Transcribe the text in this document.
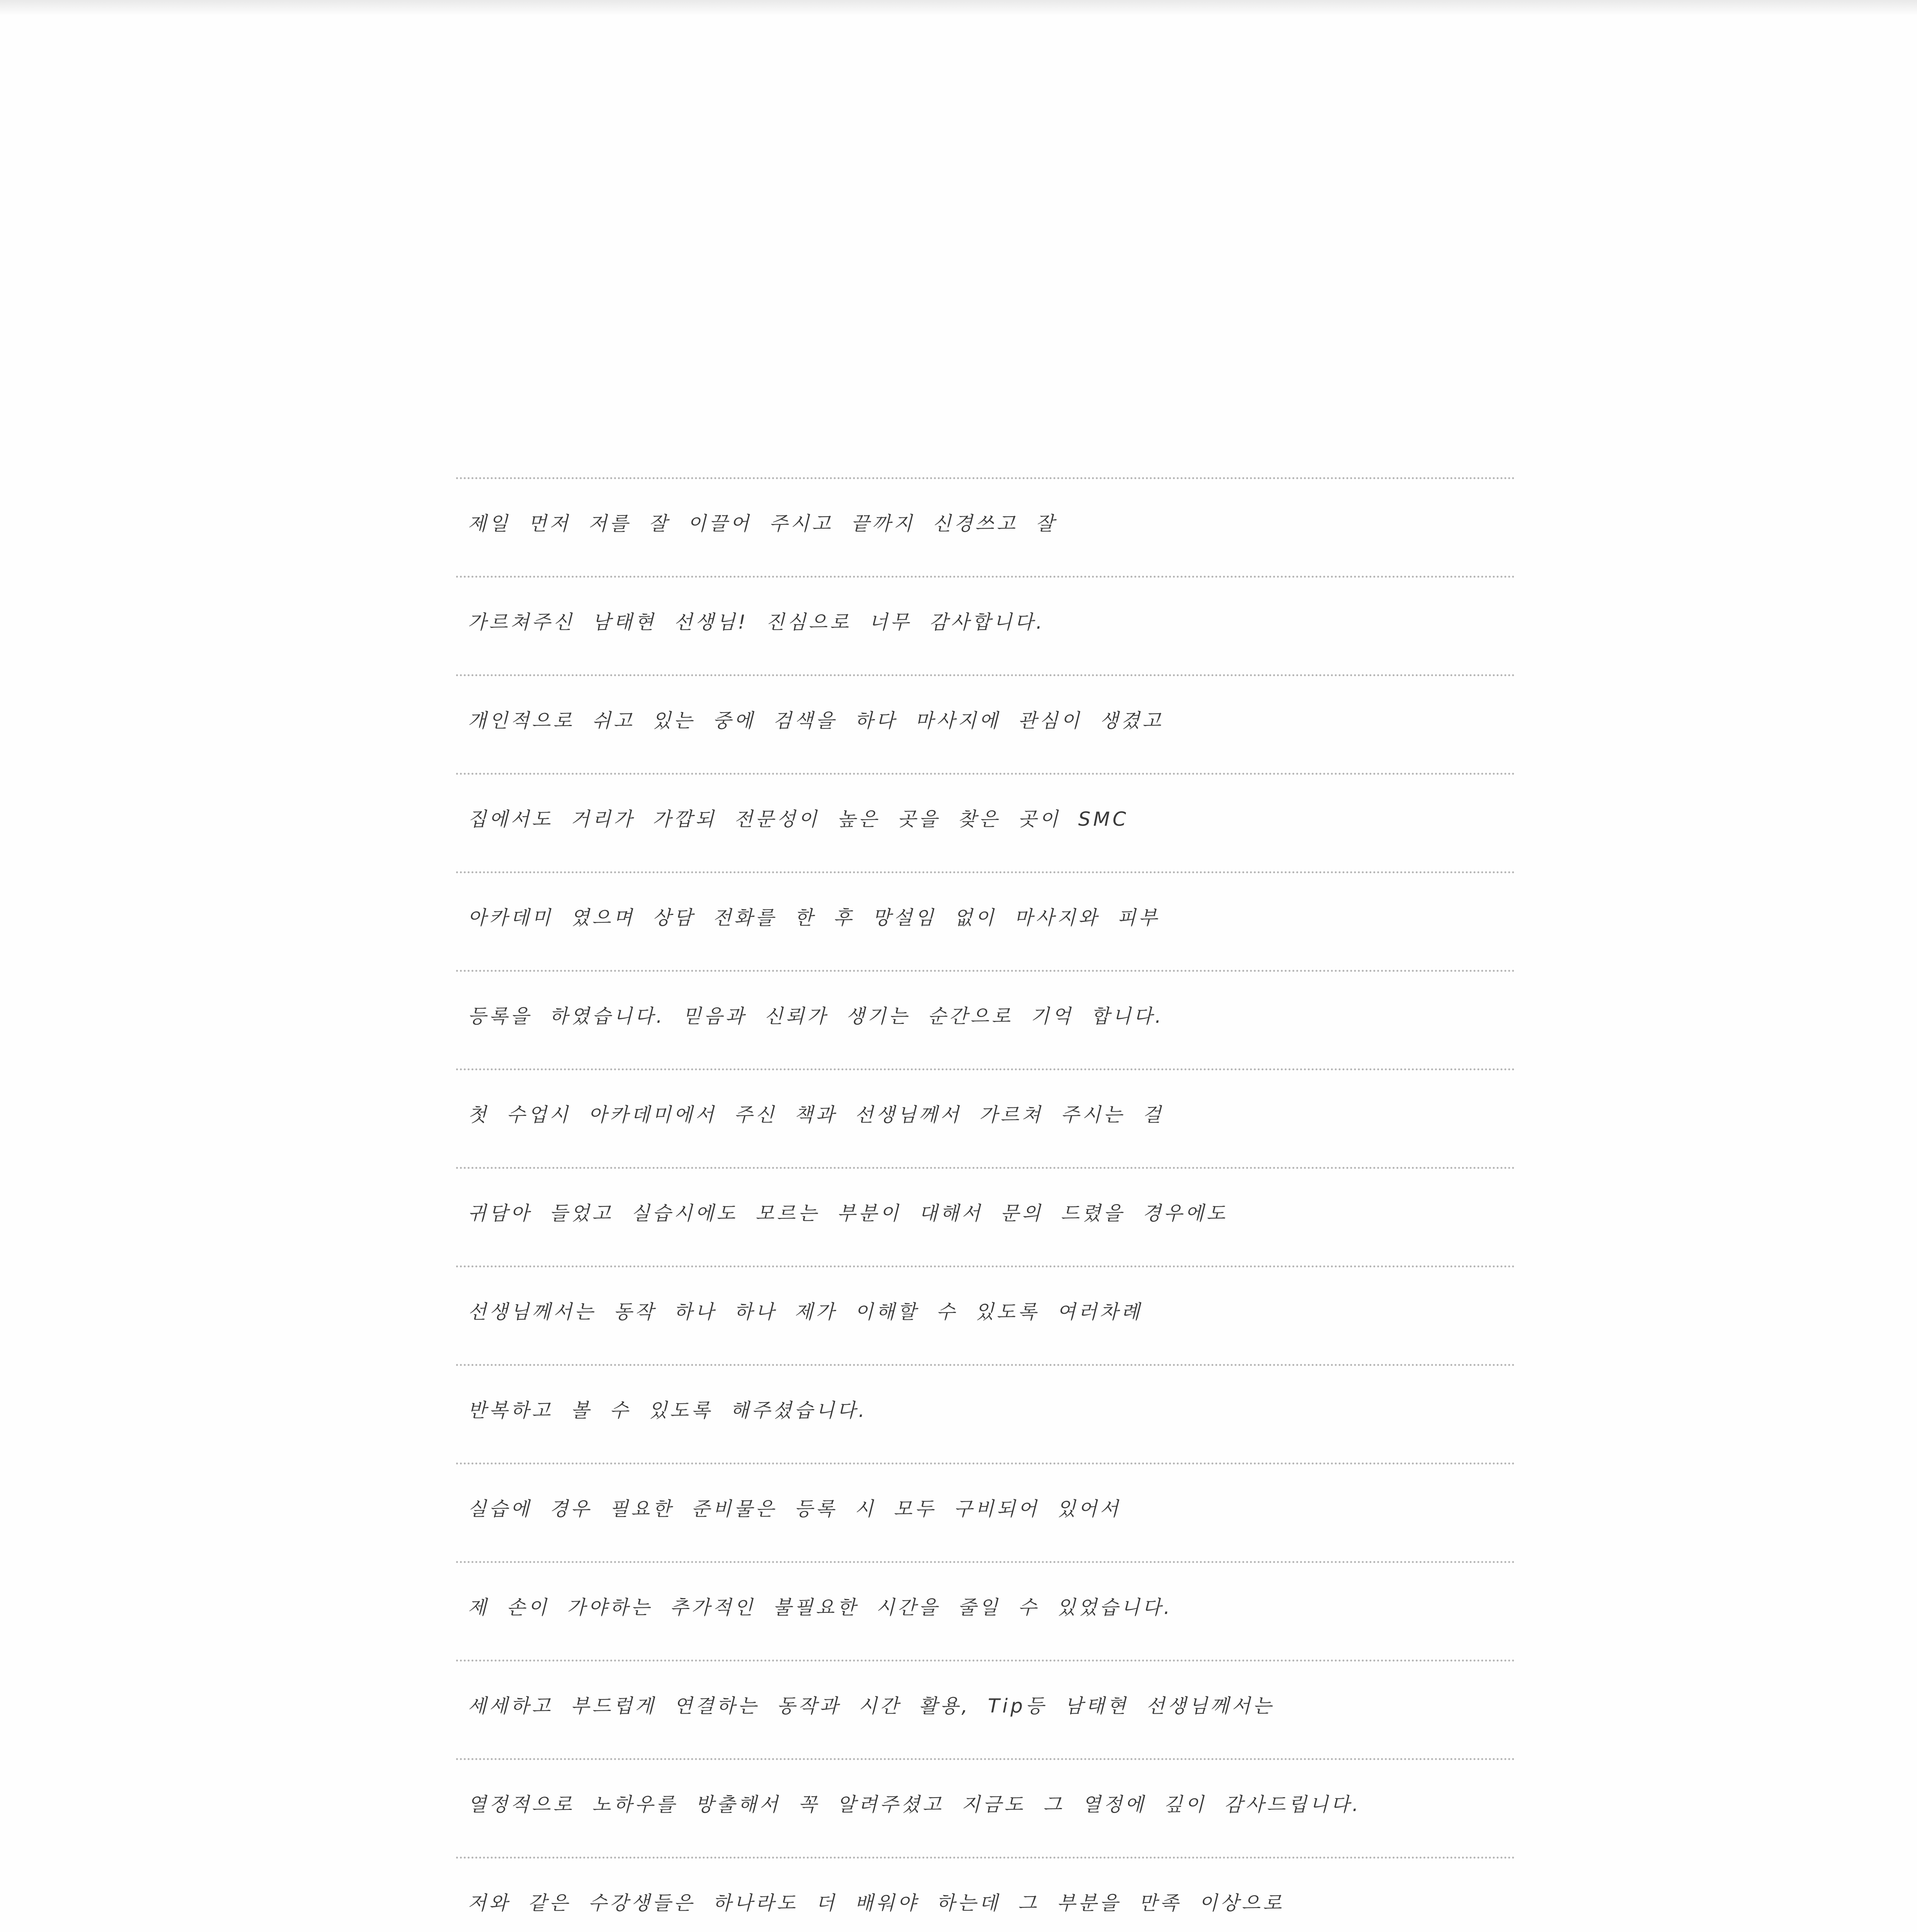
제일 먼저 저를 잘 이끌어 주시고 끝까지 신경쓰고 잘
가르쳐주신 남태현 선생님! 진심으로 너무 감사합니다.
개인적으로 쉬고 있는 중에 검색을 하다 마사지에 관심이 생겼고
집에서도 거리가 가깝되 전문성이 높은 곳을 찾은 곳이 SMC
아카데미 였으며 상담 전화를 한 후 망설임 없이 마사지와 피부
등록을 하였습니다. 믿음과 신뢰가 생기는 순간으로 기억 합니다.
첫 수업시 아카데미에서 주신 책과 선생님께서 가르쳐 주시는 걸
귀담아 들었고 실습시에도 모르는 부분이 대해서 문의 드렸을 경우에도
선생님께서는 동작 하나 하나 제가 이해할 수 있도록 여러차례
반복하고 볼 수 있도록 해주셨습니다.
실습에 경우 필요한 준비물은 등록 시 모두 구비되어 있어서
제 손이 가야하는 추가적인 불필요한 시간을 줄일 수 있었습니다.
세세하고 부드럽게 연결하는 동작과 시간 활용, Tip등 남태현 선생님께서는
열정적으로 노하우를 방출해서 꼭 알려주셨고 지금도 그 열정에 깊이 감사드립니다.
저와 같은 수강생들은 하나라도 더 배워야 하는데 그 부분을 만족 이상으로
